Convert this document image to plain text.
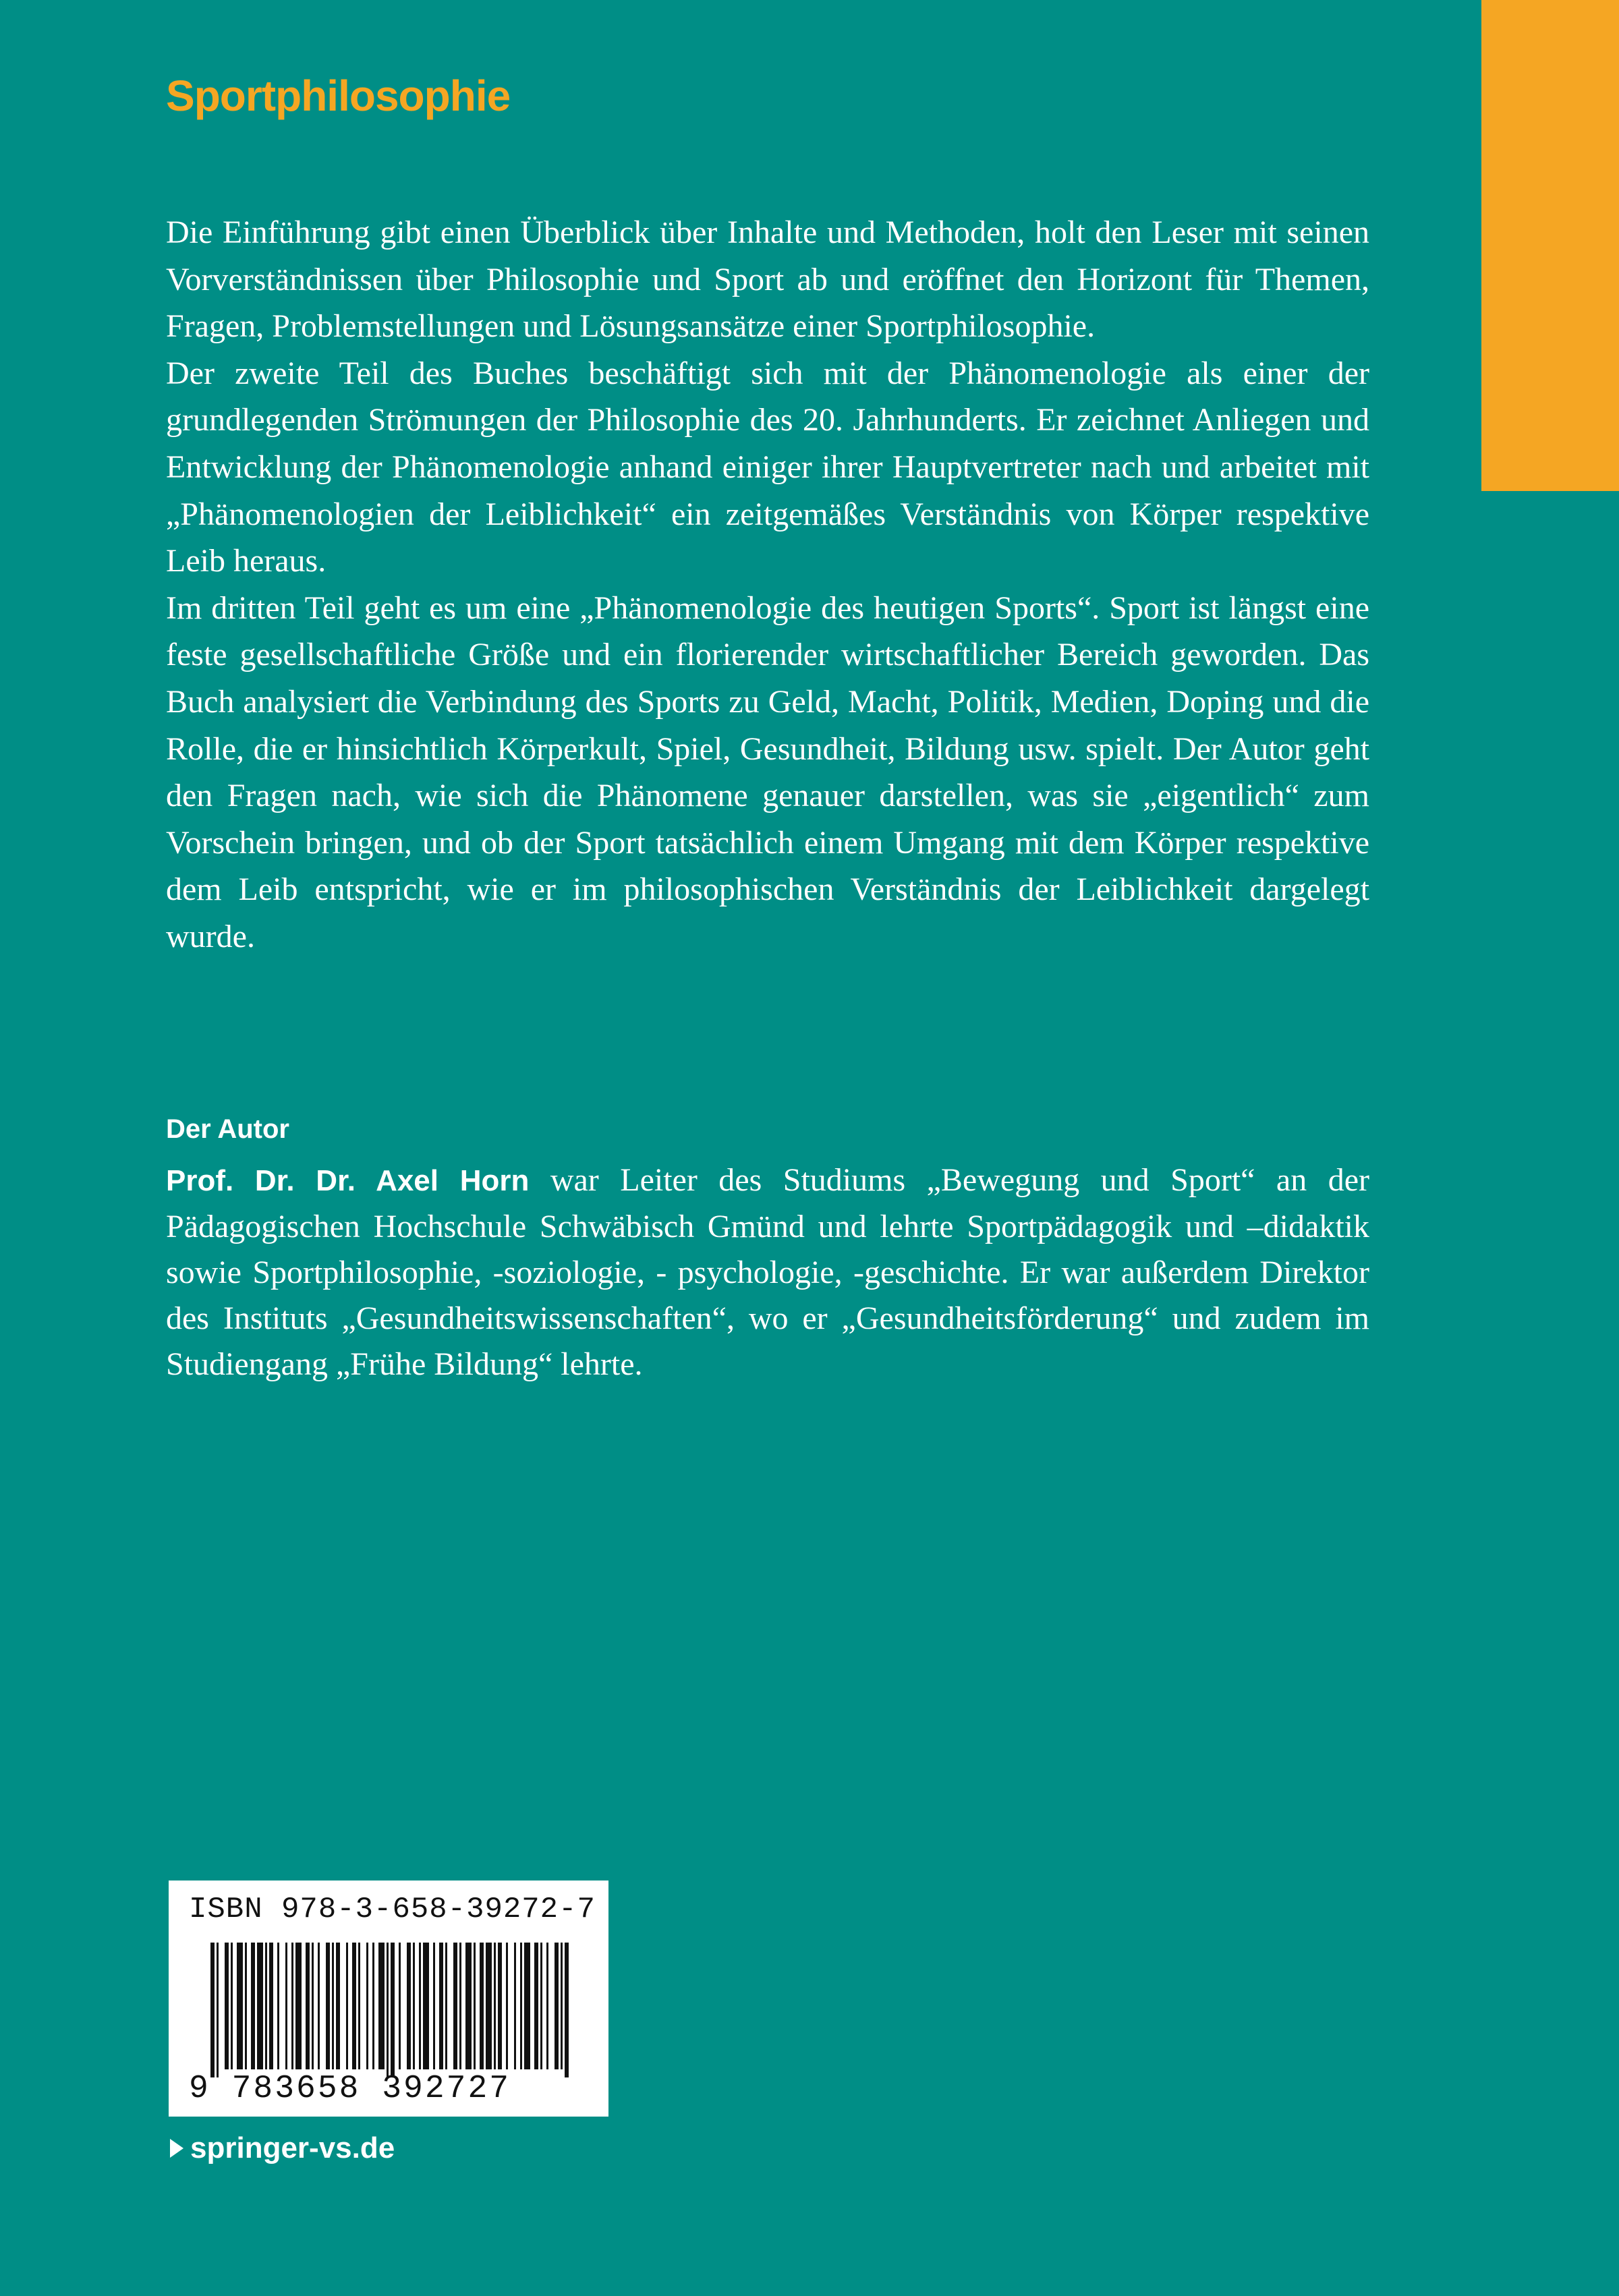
Sportphilosophie

Die Einführung gibt einen Überblick über Inhalte und Methoden, holt den Leser mit seinen Vorverständnissen über Philosophie und Sport ab und eröffnet den Horizont für Themen, Fragen, Problemstellungen und Lösungsansätze einer Sportphilosophie.

Der zweite Teil des Buches beschäftigt sich mit der Phänomenologie als einer der grundlegenden Strömungen der Philosophie des 20. Jahrhunderts. Er zeichnet Anliegen und Entwicklung der Phänomenologie anhand einiger ihrer Hauptvertreter nach und arbeitet mit „Phänomenologien der Leiblichkeit“ ein zeitgemäßes Verständnis von Körper respektive Leib heraus.

Im dritten Teil geht es um eine „Phänomenologie des heutigen Sports“. Sport ist längst eine feste gesellschaftliche Größe und ein florierender wirtschaftlicher Bereich geworden. Das Buch analysiert die Verbindung des Sports zu Geld, Macht, Politik, Medien, Doping und die Rolle, die er hinsichtlich Körperkult, Spiel, Gesundheit, Bildung usw. spielt. Der Autor geht den Fragen nach, wie sich die Phänomene genauer darstellen, was sie „eigentlich“ zum Vorschein bringen, und ob der Sport tatsächlich einem Umgang mit dem Körper respektive dem Leib entspricht, wie er im philosophischen Verständnis der Leiblichkeit dargelegt wurde.

Der Autor

Prof. Dr. Dr. Axel Horn war Leiter des Studiums „Bewegung und Sport“ an der Pädagogischen Hochschule Schwäbisch Gmünd und lehrte Sportpädagogik und –didaktik sowie Sportphilosophie, -soziologie, - psychologie, -geschichte. Er war außerdem Direktor des Instituts „Gesundheitswissenschaften“, wo er „Gesundheitsförderung“ und zudem im Studiengang „Frühe Bildung“ lehrte.

ISBN 978-3-658-39272-7
9 783658 392727
springer-vs.de
